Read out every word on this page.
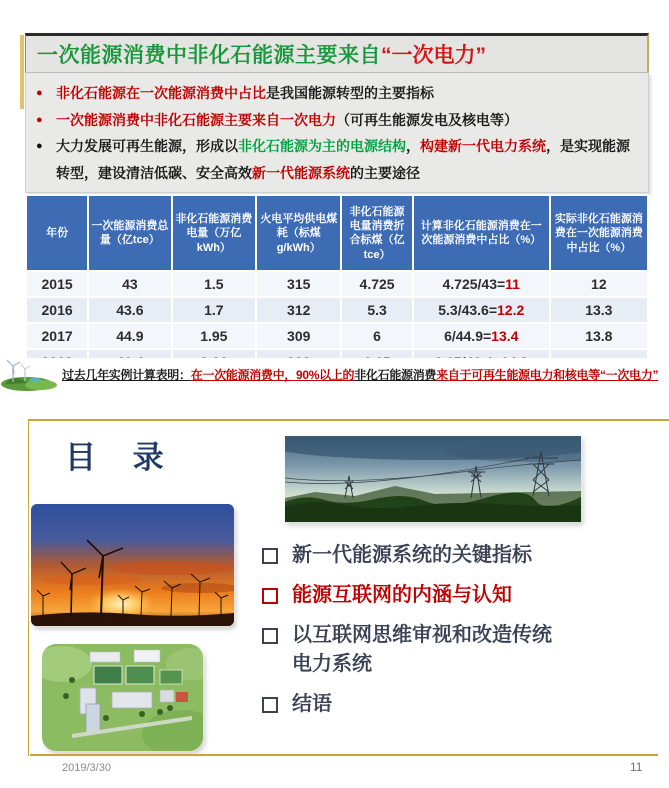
一次能源消费中非化石能源主要来自 “一次电力”
● 非化石能源在一次能源消费中占比是我国能源转型的主要指标
● 一次能源消费中非化石能源主要来自一次电力（可再生能源发电及核电等）
● 大力发展可再生能源，形成以非化石能源为主的电源结构，构建新一代电力系统，是实现能源转型，建设清洁低碳、安全高效新一代能源系统的主要途径
年份	一次能源消费总量（亿tce）	非化石能源消费电量（万亿kWh）	火电平均供电煤耗（标煤g/kWh）	非化石能源电量消费折合标煤（亿tce）	计算非化石能源消费在一次能源消费中占比（%）	实际非化石能源消费在一次能源消费中占比（%）
2015	43	1.5	315	4.725	4.725/43=11	12
2016	43.6	1.7	312	5.3	5.3/43.6=12.2	13.3
2017	44.9	1.95	309	6	6/44.9=13.4	13.8

过去几年实例计算表明：在一次能源消费中，90%以上的非化石能源消费来自于可再生能源电力和核电等“一次电力”
目 录
新一代能源系统的关键指标
能源互联网的内涵与认知
以互联网思维审视和改造传统电力系统
结语
2019/3/30	11
